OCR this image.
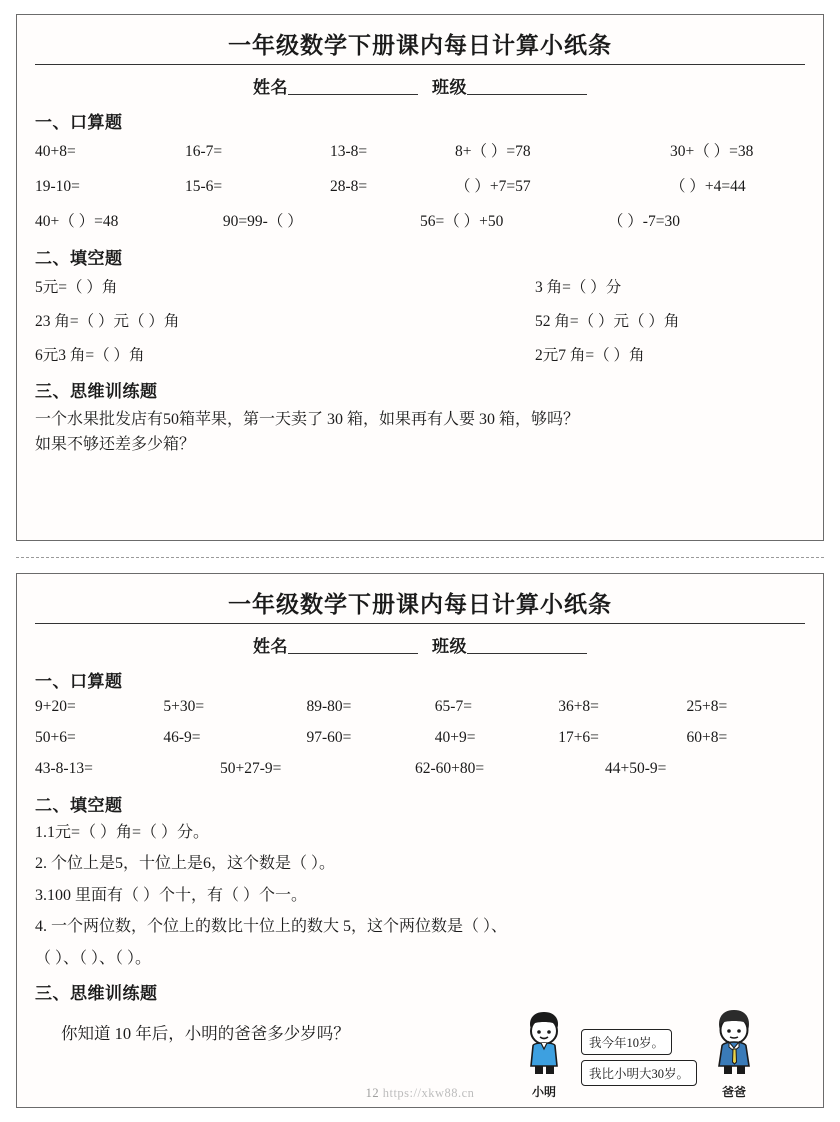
一年级数学下册课内每日计算小纸条
姓名	班级
一、口算题
40+8=	16-7=	13-8=	8+（ ）=78	30+（ ）=38
19-10=	15-6=	28-8=	（ ）+7=57	（ ）+4=44
40+（ ）=48	90=99-（ ）	56=（ ）+50	（ ）-7=30
二、填空题
5元=（ ）角	3 角=（ ）分
23 角=（ ）元（ ）角	52 角=（ ）元（ ）角
6元3 角=（ ）角	2元7 角=（ ）角
三、思维训练题
一个水果批发店有50箱苹果，第一天卖了 30 箱，如果再有人要 30 箱，够吗？
如果不够还差多少箱？
一年级数学下册课内每日计算小纸条
姓名	班级
一、口算题
9+20=	5+30=	89-80=	65-7=	36+8=	25+8=
50+6=	46-9=	97-60=	40+9=	17+6=	60+8=
43-8-13=	50+27-9=	62-60+80=	44+50-9=
二、填空题
1.1元=（ ）角=（ ）分。
2. 个位上是5，十位上是6，这个数是（ ）。
3.100 里面有（ ）个十，有（ ）个一。
4. 一个两位数，个位上的数比十位上的数大 5，这个两位数是（ ）、
（ ）、（ ）、（ ）。
三、思维训练题
你知道 10 年后，小明的爸爸多少岁吗？
小明
我今年10岁。
我比小明大30岁。
爸爸
12 https://xkw88.cn
